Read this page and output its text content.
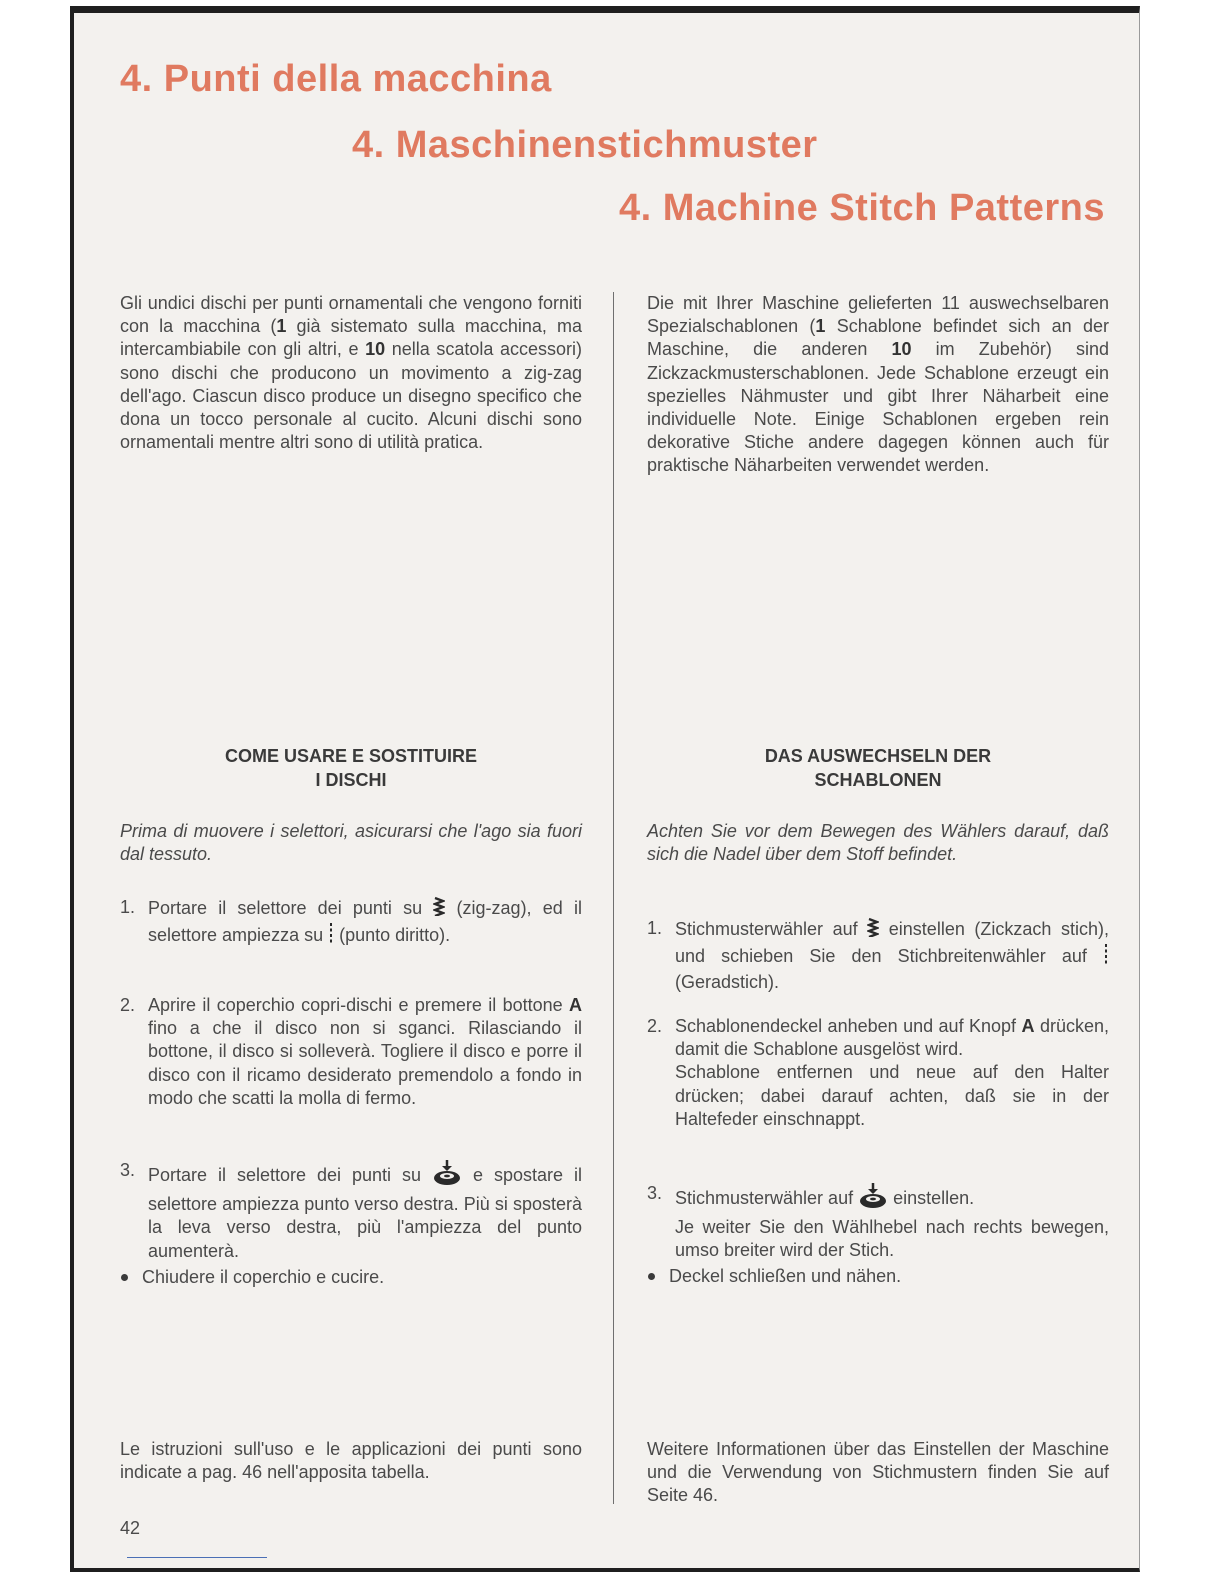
4. Punti della macchina
4. Maschinenstichmuster
4. Machine Stitch Patterns

Gli undici dischi per punti ornamentali che vengono forniti con la macchina (1 già sistemato sulla macchina, ma intercambiabile con gli altri, e 10 nella scatola accessori) sono dischi che producono un movimento a zig-zag dell'ago. Ciascun disco produce un disegno specifico che dona un tocco personale al cucito. Alcuni dischi sono ornamentali mentre altri sono di utilità pratica.

COME USARE E SOSTITUIRE
I DISCHI

Prima di muovere i selettori, asicurarsi che l'ago sia fuori dal tessuto.

1. Portare il selettore dei punti su  (zig-zag), ed il selettore ampiezza su  (punto diritto).
2. Aprire il coperchio copri-dischi e premere il bottone A fino a che il disco non si sganci. Rilasciando il bottone, il disco si solleverà. Togliere il disco e porre il disco con il ricamo desiderato premendolo a fondo in modo che scatti la molla di fermo.
3. Portare il selettore dei punti su  e spostare il selettore ampiezza punto verso destra. Più si sposterà la leva verso destra, più l'ampiezza del punto aumenterà.
Chiudere il coperchio e cucire.

Le istruzioni sull'uso e le applicazioni dei punti sono indicate a pag. 46 nell'apposita tabella.

Die mit Ihrer Maschine gelieferten 11 auswechselbaren Spezialschablonen (1 Schablone befindet sich an der Maschine, die anderen 10 im Zubehör) sind Zickzackmusterschablonen. Jede Schablone erzeugt ein spezielles Nähmuster und gibt Ihrer Näharbeit eine individuelle Note. Einige Schablonen ergeben rein dekorative Stiche andere dagegen können auch für praktische Näharbeiten verwendet werden.

DAS AUSWECHSELN DER
SCHABLONEN

Achten Sie vor dem Bewegen des Wählers darauf, daß sich die Nadel über dem Stoff befindet.

1. Stichmusterwähler auf  einstellen (Zickzach stich), und schieben Sie den Stichbreitenwähler auf  (Geradstich).
2. Schablonendeckel anheben und auf Knopf A drücken, damit die Schablone ausgelöst wird.
Schablone entfernen und neue auf den Halter drücken; dabei darauf achten, daß sie in der Haltefeder einschnappt.
3. Stichmusterwähler auf  einstellen.
Je weiter Sie den Wählhebel nach rechts bewegen, umso breiter wird der Stich.
Deckel schließen und nähen.

Weitere Informationen über das Einstellen der Maschine und die Verwendung von Stichmustern finden Sie auf Seite 46.

42
